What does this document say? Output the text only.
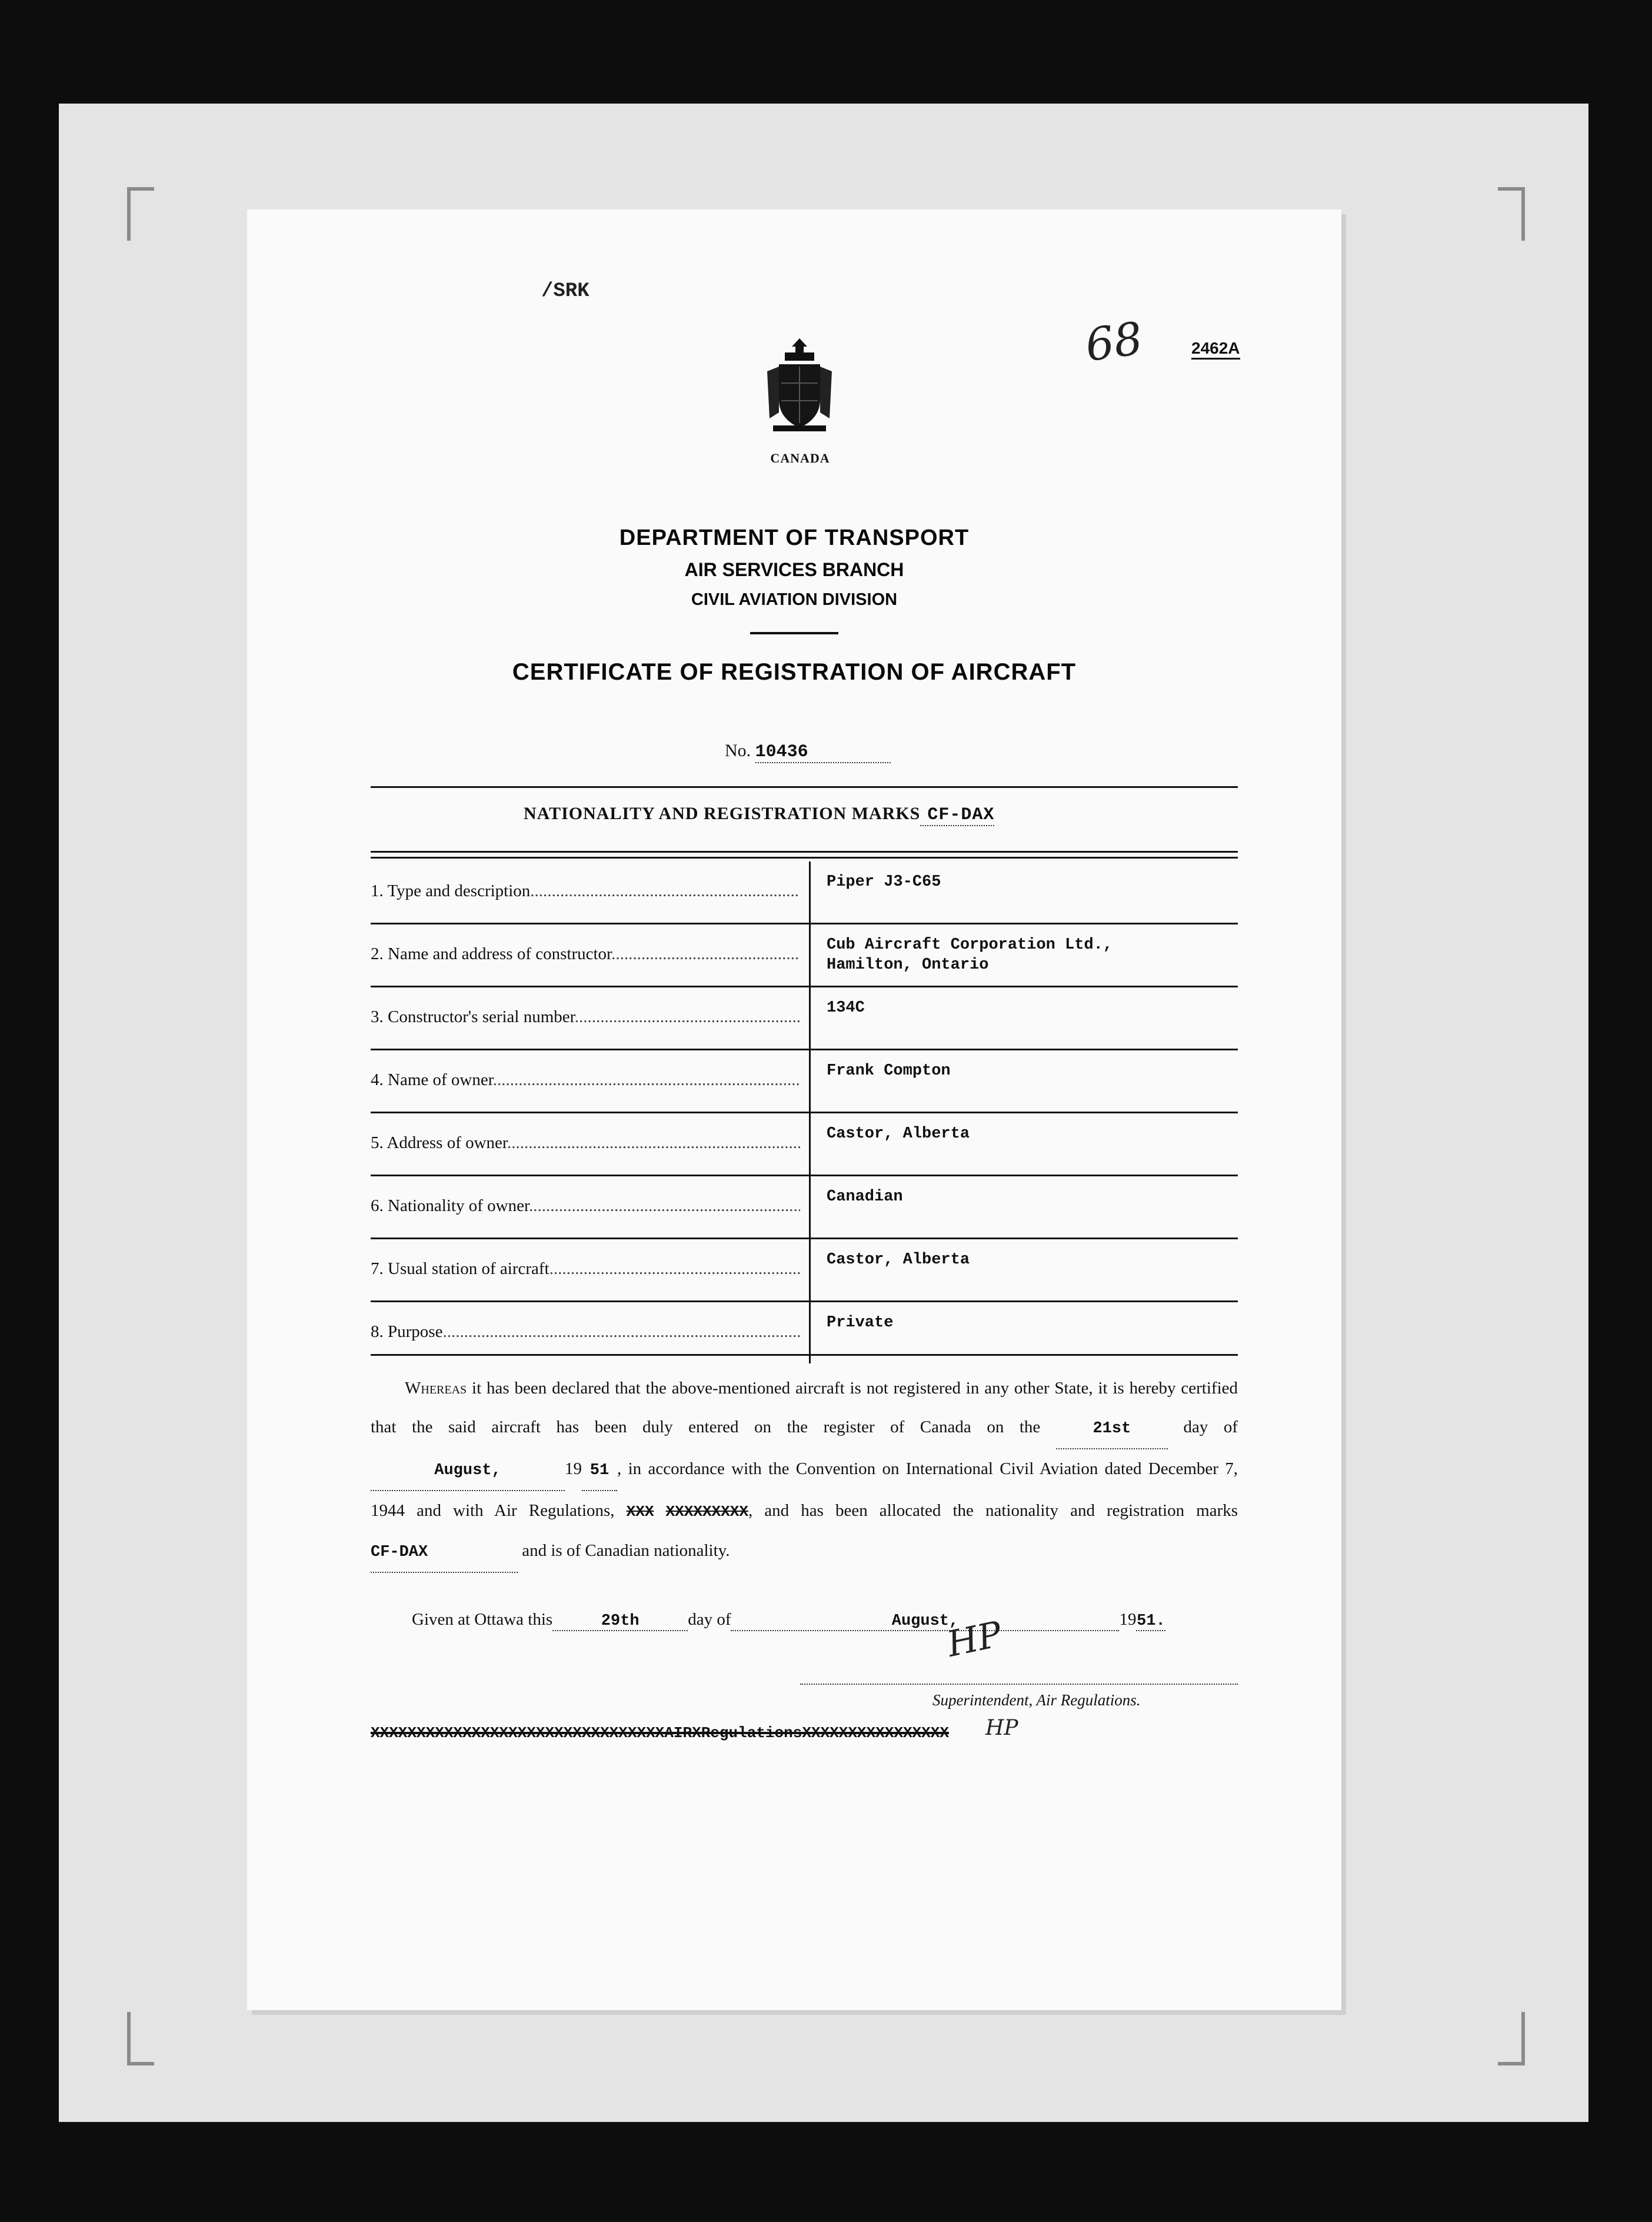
/SRK
68	2462A
CANADA
DEPARTMENT OF TRANSPORT
AIR SERVICES BRANCH
CIVIL AVIATION DIVISION
CERTIFICATE OF REGISTRATION OF AIRCRAFT
No. 10436
NATIONALITY AND REGISTRATION MARKS CF-DAX
1. Type and description .....	Piper J3-C65
2. Name and address of constructor .....	Cub Aircraft Corporation Ltd.,
Hamilton, Ontario
3. Constructor's serial number .....	134C
4. Name of owner .....	Frank Compton
5. Address of owner .....	Castor, Alberta
6. Nationality of owner .....	Canadian
7. Usual station of aircraft .....	Castor, Alberta
8. Purpose .....	Private
  Whereas it has been declared that the above-mentioned aircraft is not registered in any other State, it is hereby certified that the said aircraft has been duly entered on the register of Canada on the	21st	day of August,	19 51 , in accordance with the Convention on International Civil Aviation dated December 7, 1944 and with Air Regulations, XXX XXXXXXXXX, and has been allocated the nationality and registration marksCF-DAX	and is of Canadian nationality.
Given at Ottawa this	29th	day of	August,	1951.
HP
Superintendent, Air Regulations.
XXXXXXXXXXXXXXXXXXXXXXXXXXXXXXXXAIRXRegulationsXXXXXXXXXXXXXXXX HP
